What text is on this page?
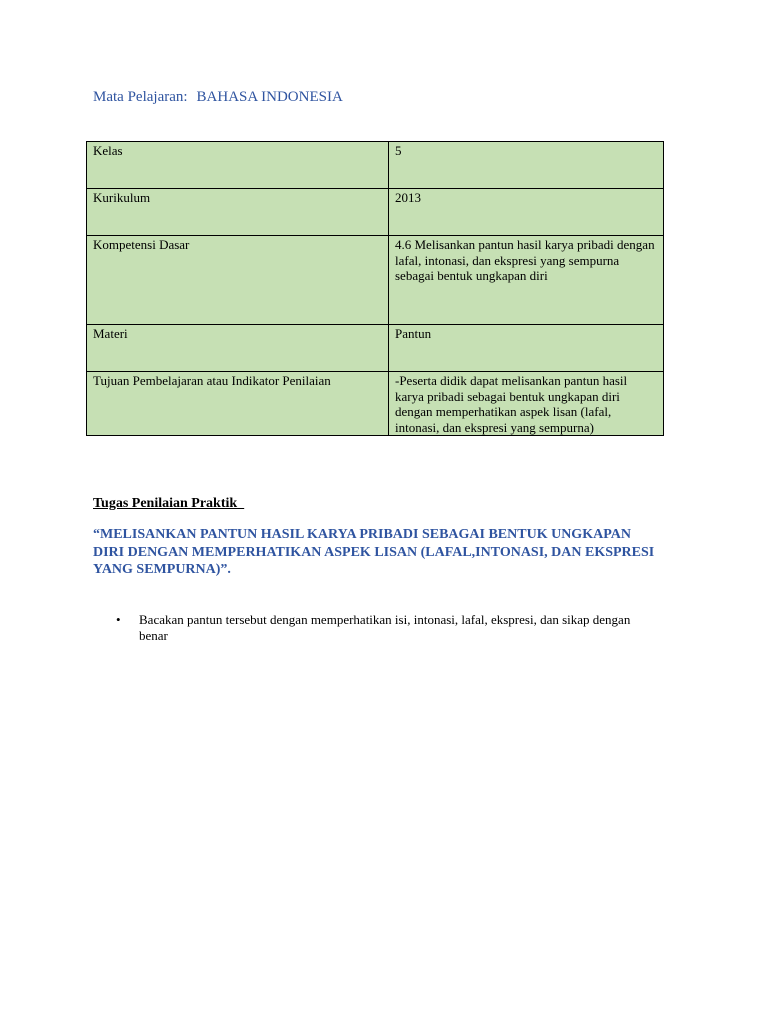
Mata Pelajaran: BAHASA INDONESIA
Kelas	5
Kurikulum	2013
Kompetensi Dasar	4.6 Melisankan pantun hasil karya pribadi dengan lafal, intonasi, dan ekspresi yang sempurna sebagai bentuk ungkapan diri
Materi	Pantun
Tujuan Pembelajaran atau Indikator Penilaian	-Peserta didik dapat melisankan pantun hasil karya pribadi sebagai bentuk ungkapan diri dengan memperhatikan aspek lisan (lafal, intonasi, dan ekspresi yang sempurna)
Tugas Penilaian Praktik
“MELISANKAN PANTUN HASIL KARYA PRIBADI SEBAGAI BENTUK UNGKAPAN DIRI DENGAN MEMPERHATIKAN ASPEK LISAN (LAFAL,INTONASI, DAN EKSPRESI YANG SEMPURNA)”.
• Bacakan pantun tersebut dengan memperhatikan isi, intonasi, lafal, ekspresi, dan sikap dengan benar
